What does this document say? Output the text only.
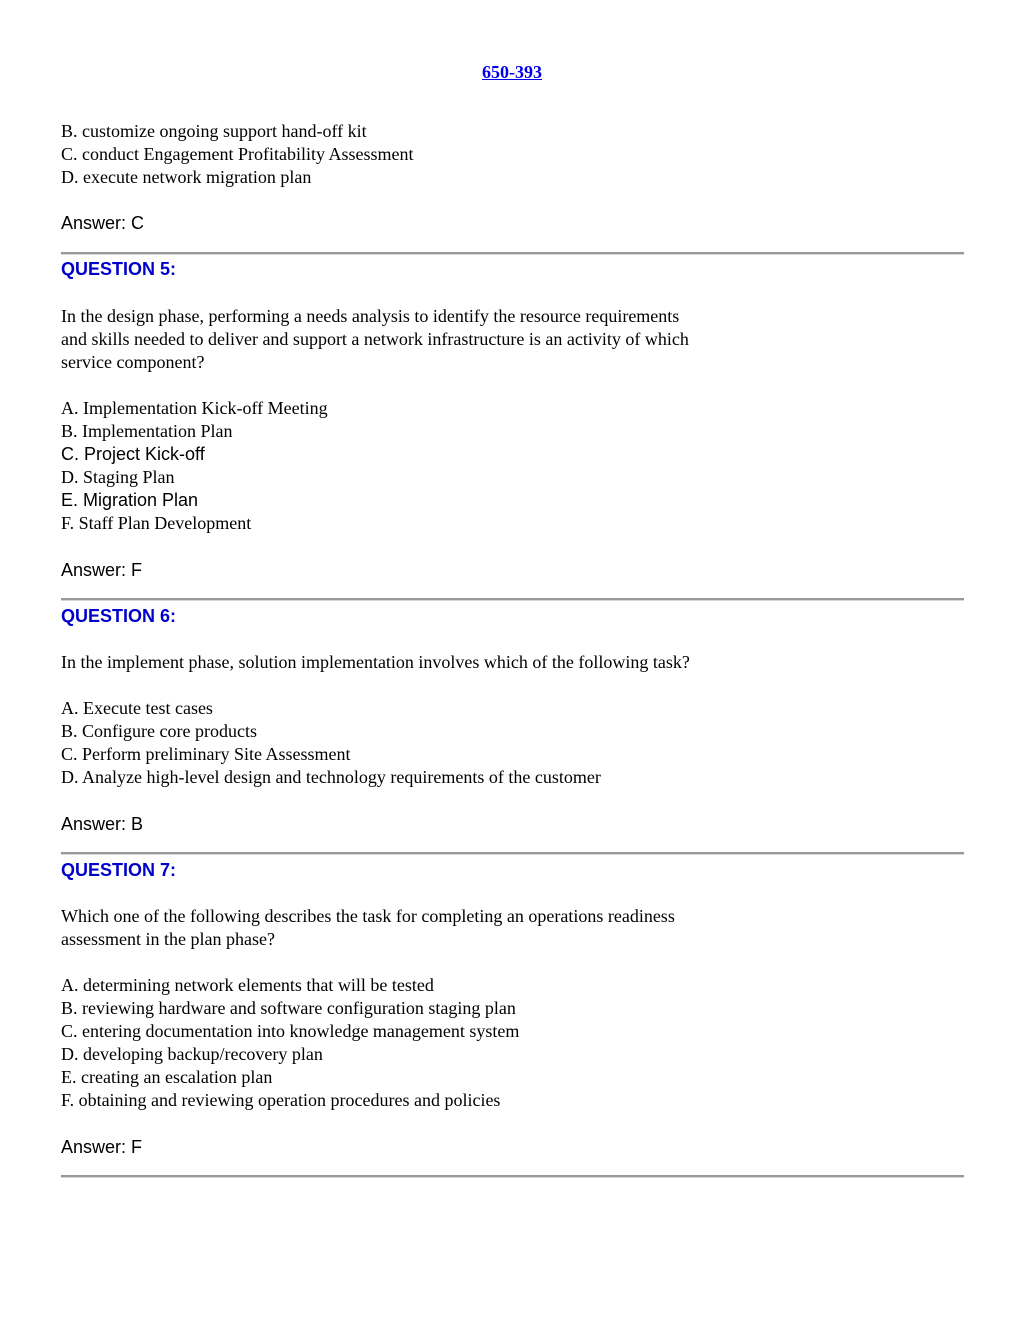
650-393
B. customize ongoing support hand-off kit
C. conduct Engagement Profitability Assessment
D. execute network migration plan
Answer: C
QUESTION 5:
In the design phase, performing a needs analysis to identify the resource requirements
and skills needed to deliver and support a network infrastructure is an activity of which
service component?
A. Implementation Kick-off Meeting
B. Implementation Plan
C. Project Kick-off
D. Staging Plan
E. Migration Plan
F. Staff Plan Development
Answer: F
QUESTION 6:
In the implement phase, solution implementation involves which of the following task?
A. Execute test cases
B. Configure core products
C. Perform preliminary Site Assessment
D. Analyze high-level design and technology requirements of the customer
Answer: B
QUESTION 7:
Which one of the following describes the task for completing an operations readiness
assessment in the plan phase?
A. determining network elements that will be tested
B. reviewing hardware and software configuration staging plan
C. entering documentation into knowledge management system
D. developing backup/recovery plan
E. creating an escalation plan
F. obtaining and reviewing operation procedures and policies
Answer: F
